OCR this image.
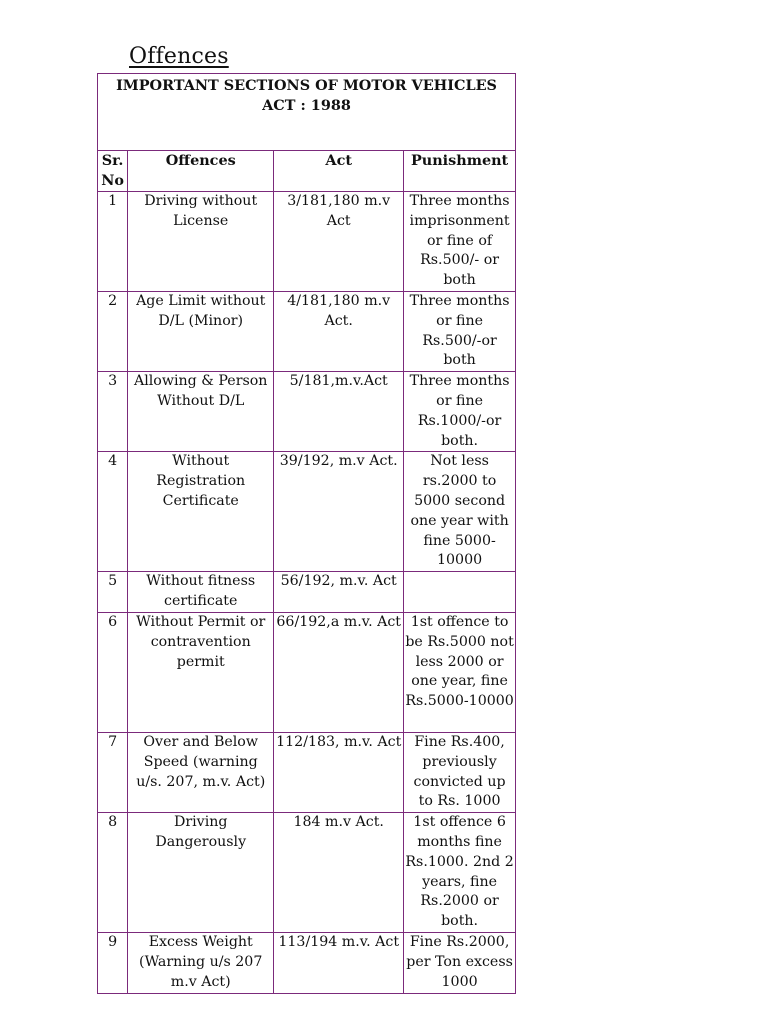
Offences
IMPORTANT SECTIONS OF MOTOR VEHICLES ACT : 1988			
Sr. No	Offences	Act	Punishment
1	Driving without License	3/181,180 m.v Act	Three months imprisonment or fine of Rs.500/- or both
2	Age Limit without D/L (Minor)	4/181,180 m.v Act.	Three months or fine Rs.500/-or both
3	Allowing & Person Without D/L	5/181,m.v.Act	Three months or fine Rs.1000/-or both.
4	Without Registration Certificate	39/192, m.v Act.	Not less rs.2000 to 5000 second one year with fine 5000-10000
5	Without fitness certificate	56/192, m.v. Act	
6	Without Permit or contravention permit	66/192,a m.v. Act	1st offence to be Rs.5000 not less 2000 or one year, fine Rs.5000-10000
7	Over and Below Speed (warning u/s. 207, m.v. Act)	112/183, m.v. Act	Fine Rs.400, previously convicted up to Rs. 1000
8	Driving Dangerously	184 m.v Act.	1st offence 6 months fine Rs.1000. 2nd 2 years, fine Rs.2000 or both.
9	Excess Weight (Warning u/s 207 m.v Act)	113/194 m.v. Act	Fine Rs.2000, per Ton excess 1000
